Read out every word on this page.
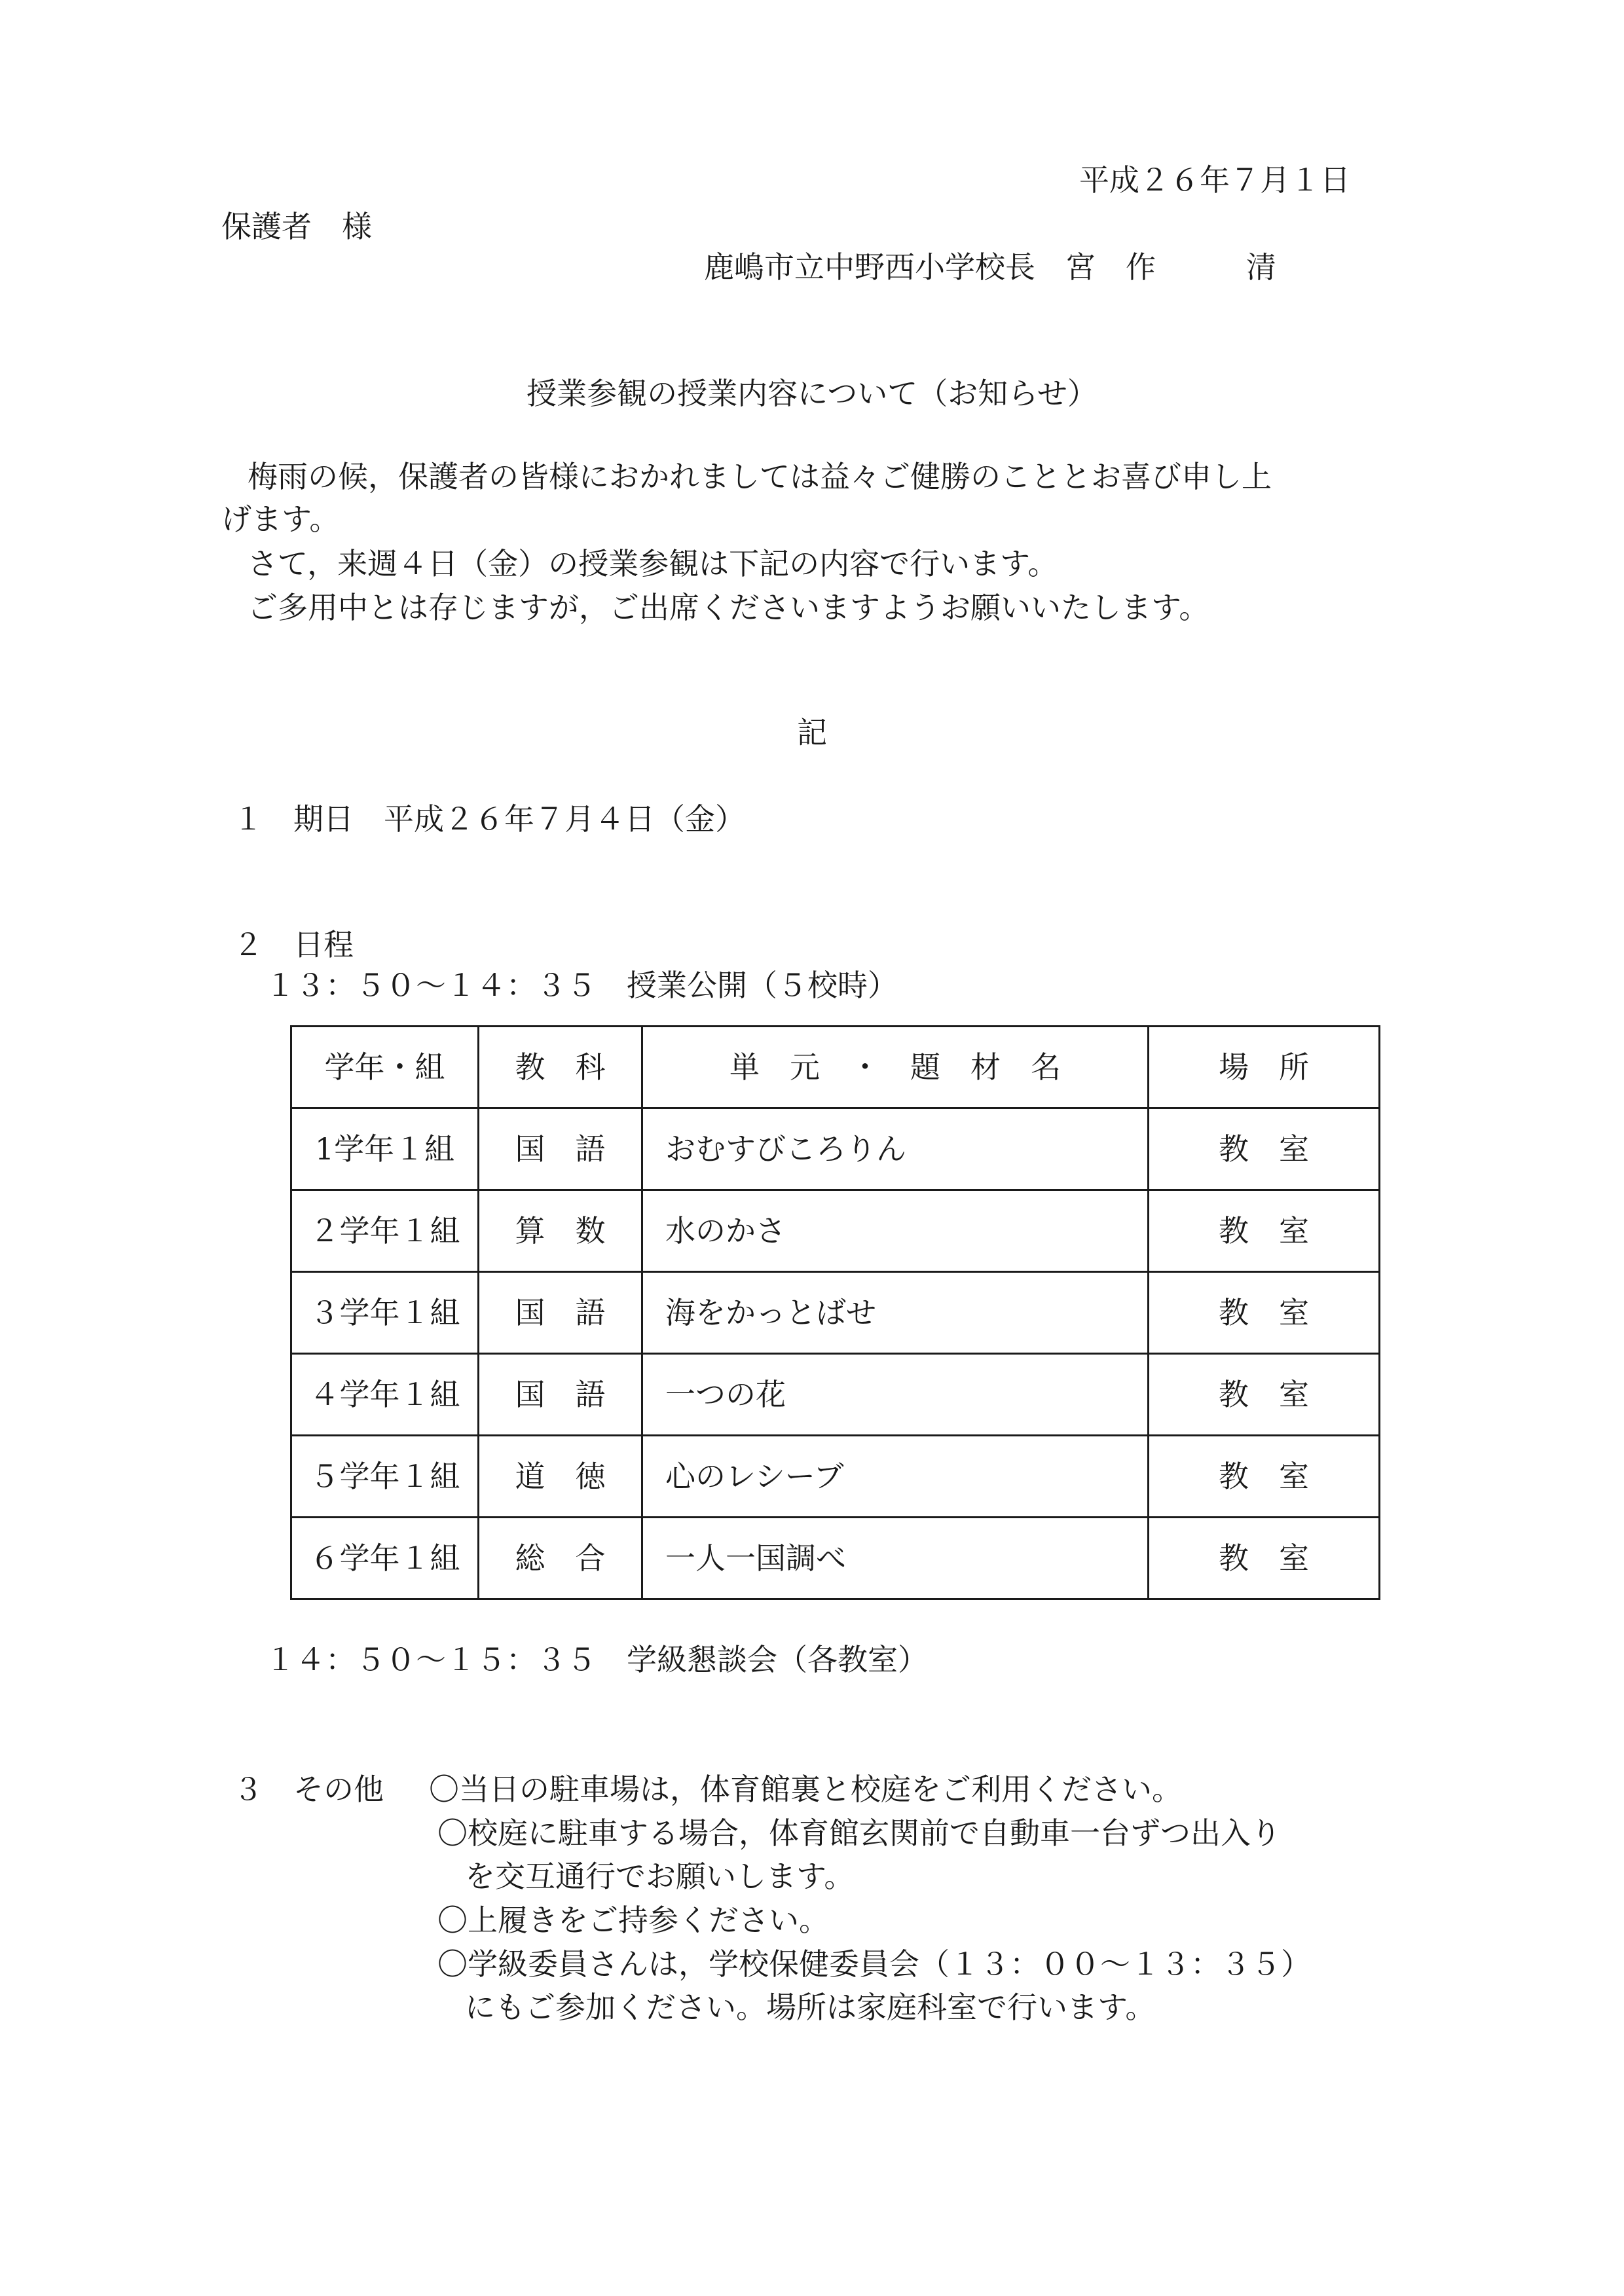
平成２６年７月１日
保護者　様
鹿嶋市立中野西小学校長　宮　作　　　清
授業参観の授業内容について（お知らせ）
梅雨の候，保護者の皆様におかれましては益々ご健勝のこととお喜び申し上
げます。
さて，来週４日（金）の授業参観は下記の内容で行います。
ご多用中とは存じますが，ご出席くださいますようお願いいたします。
記
１　期日　平成２６年７月４日（金）
２　日程
１３：５０～１４：３５　授業公開（５校時）
学年・組	教　科	単　元　・　題　材　名	場　所
1学年１組	国　語	おむすびころりん	教　室
２学年１組	算　数	水のかさ	教　室
３学年１組	国　語	海をかっとばせ	教　室
４学年１組	国　語	一つの花	教　室
５学年１組	道　徳	心のレシーブ	教　室
６学年１組	総　合	一人一国調べ	教　室
１４：５０～１５：３５　学級懇談会（各教室）
３　その他 〇当日の駐車場は，体育館裏と校庭をご利用ください。
〇校庭に駐車する場合，体育館玄関前で自動車一台ずつ出入り
を交互通行でお願いします。
〇上履きをご持参ください。
〇学級委員さんは，学校保健委員会（１３：００～１３：３５）
にもご参加ください。場所は家庭科室で行います。
